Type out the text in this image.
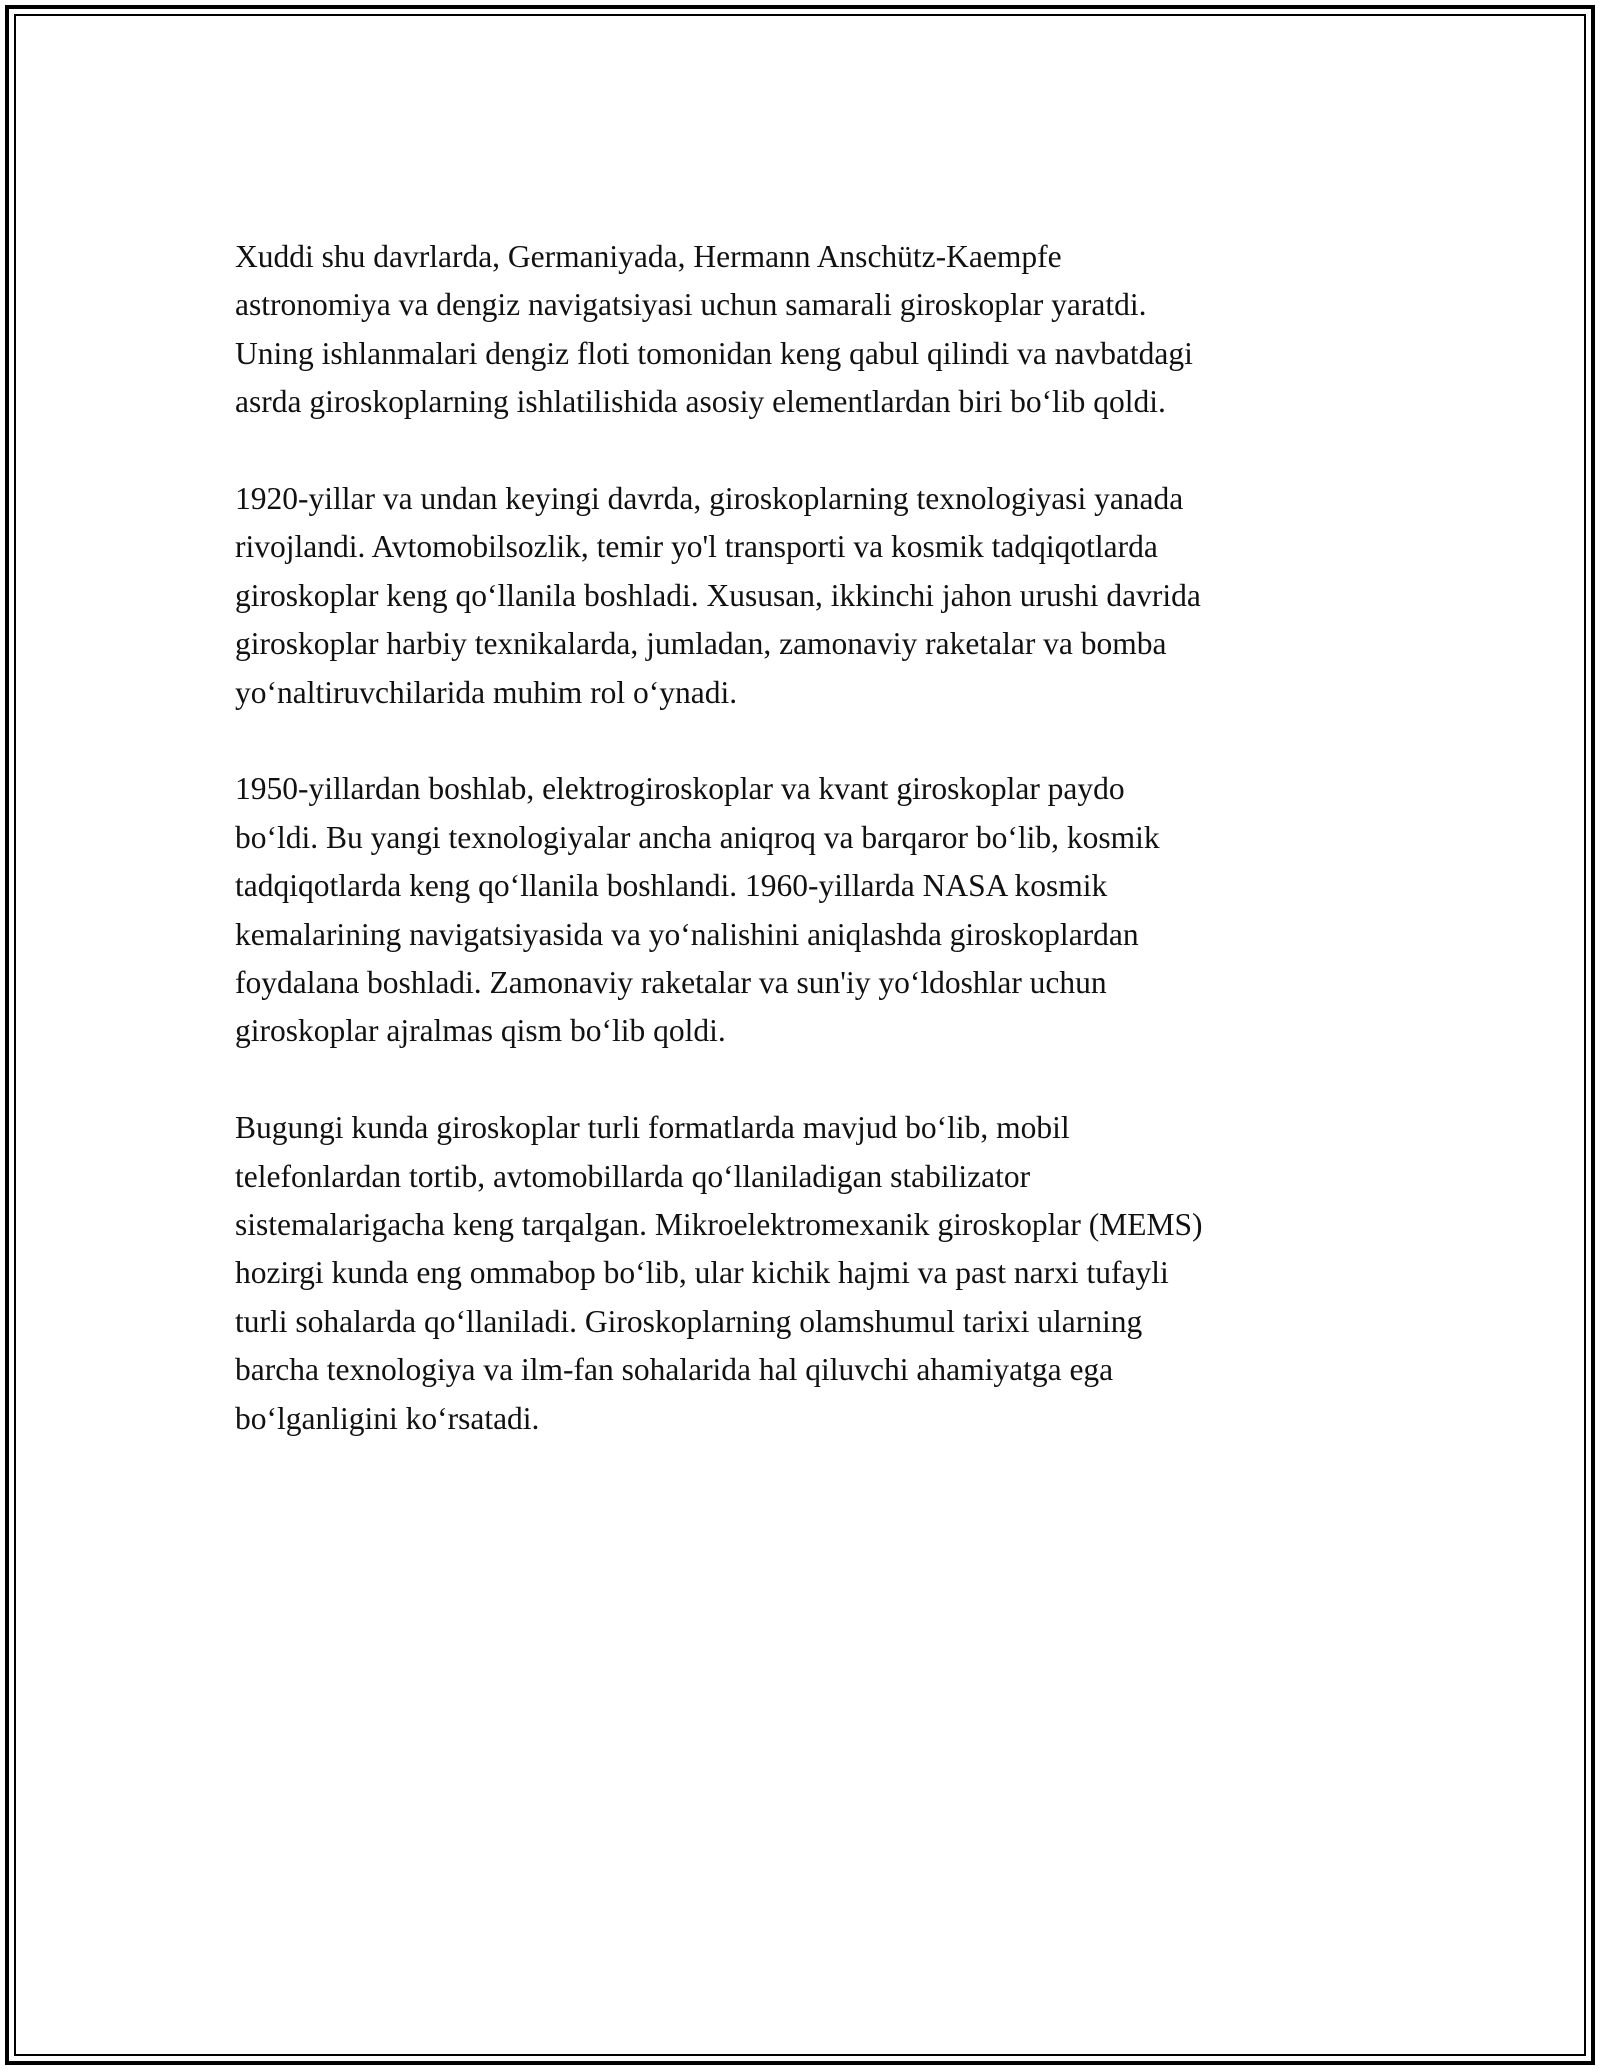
Xuddi shu davrlarda, Germaniyada, Hermann Anschütz-Kaempfe
astronomiya va dengiz navigatsiyasi uchun samarali giroskoplar yaratdi.
Uning ishlanmalari dengiz floti tomonidan keng qabul qilindi va navbatdagi
asrda giroskoplarning ishlatilishida asosiy elementlardan biri bo‘lib qoldi.

1920-yillar va undan keyingi davrda, giroskoplarning texnologiyasi yanada
rivojlandi. Avtomobilsozlik, temir yo'l transporti va kosmik tadqiqotlarda
giroskoplar keng qo‘llanila boshladi. Xususan, ikkinchi jahon urushi davrida
giroskoplar harbiy texnikalarda, jumladan, zamonaviy raketalar va bomba
yo‘naltiruvchilarida muhim rol o‘ynadi.

1950-yillardan boshlab, elektrogiroskoplar va kvant giroskoplar paydo
bo‘ldi. Bu yangi texnologiyalar ancha aniqroq va barqaror bo‘lib, kosmik
tadqiqotlarda keng qo‘llanila boshlandi. 1960-yillarda NASA kosmik
kemalarining navigatsiyasida va yo‘nalishini aniqlashda giroskoplardan
foydalana boshladi. Zamonaviy raketalar va sun'iy yo‘ldoshlar uchun
giroskoplar ajralmas qism bo‘lib qoldi.

Bugungi kunda giroskoplar turli formatlarda mavjud bo‘lib, mobil
telefonlardan tortib, avtomobillarda qo‘llaniladigan stabilizator
sistemalarigacha keng tarqalgan. Mikroelektromexanik giroskoplar (MEMS)
hozirgi kunda eng ommabop bo‘lib, ular kichik hajmi va past narxi tufayli
turli sohalarda qo‘llaniladi. Giroskoplarning olamshumul tarixi ularning
barcha texnologiya va ilm-fan sohalarida hal qiluvchi ahamiyatga ega
bo‘lganligini ko‘rsatadi.
